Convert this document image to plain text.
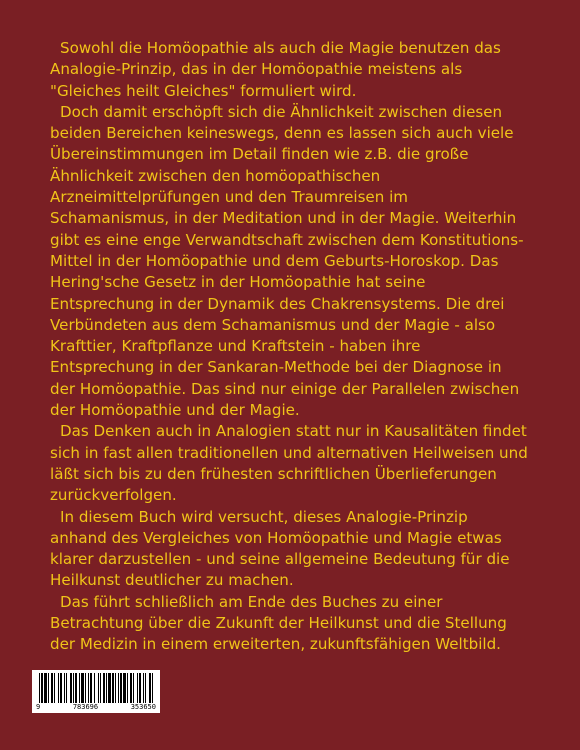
Sowohl die Homöopathie als auch die Magie benutzen das Analogie-Prinzip, das in der Homöopathie meistens als "Gleiches heilt Gleiches" formuliert wird.

Doch damit erschöpft sich die Ähnlichkeit zwischen diesen beiden Bereichen keineswegs, denn es lassen sich auch viele Übereinstimmungen im Detail finden wie z.B. die große Ähnlichkeit zwischen den homöopathischen Arzneimittelprüfungen und den Traumreisen im Schamanismus, in der Meditation und in der Magie. Weiterhin gibt es eine enge Verwandtschaft zwischen dem Konstitutions-Mittel in der Homöopathie und dem Geburts-Horoskop. Das Hering'sche Gesetz in der Homöopathie hat seine Entsprechung in der Dynamik des Chakrensystems. Die drei Verbündeten aus dem Schamanismus und der Magie - also Krafttier, Kraftpflanze und Kraftstein - haben ihre Entsprechung in der Sankaran-Methode bei der Diagnose in der Homöopathie. Das sind nur einige der Parallelen zwischen der Homöopathie und der Magie.

Das Denken auch in Analogien statt nur in Kausalitäten findet sich in fast allen traditionellen und alternativen Heilweisen und läßt sich bis zu den frühesten schriftlichen Überlieferungen zurückverfolgen.

In diesem Buch wird versucht, dieses Analogie-Prinzip anhand des Vergleiches von Homöopathie und Magie etwas klarer darzustellen - und seine allgemeine Bedeutung für die Heilkunst deutlicher zu machen.

Das führt schließlich am Ende des Buches zu einer Betrachtung über die Zukunft der Heilkunst und die Stellung der Medizin in einem erweiterten, zukunftsfähigen Weltbild.

9	783696	353650
